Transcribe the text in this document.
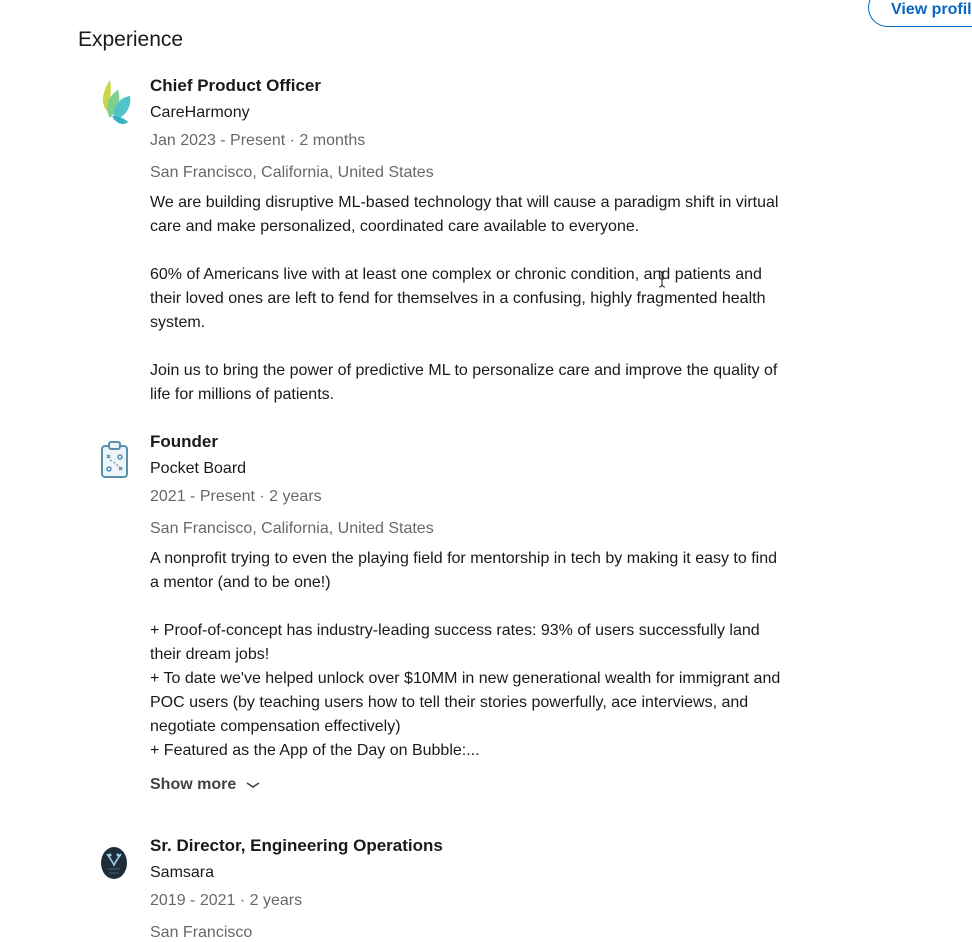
View profil
Experience
Chief Product Officer
CareHarmony
Jan 2023 - Present · 2 months
San Francisco, California, United States

We are building disruptive ML-based technology that will cause a paradigm shift in virtual
care and make personalized, coordinated care available to everyone.

60% of Americans live with at least one complex or chronic condition, and patients and
their loved ones are left to fend for themselves in a confusing, highly fragmented health
system.

Join us to bring the power of predictive ML to personalize care and improve the quality of
life for millions of patients.

Founder
Pocket Board
2021 - Present · 2 years
San Francisco, California, United States

A nonprofit trying to even the playing field for mentorship in tech by making it easy to find
a mentor (and to be one!)

+ Proof-of-concept has industry-leading success rates: 93% of users successfully land
their dream jobs!
+ To date we've helped unlock over $10MM in new generational wealth for immigrant and
POC users (by teaching users how to tell their stories powerfully, ace interviews, and
negotiate compensation effectively)
+ Featured as the App of the Day on Bubble:...

Show more
Sr. Director, Engineering Operations
Samsara
2019 - 2021 · 2 years
San Francisco
